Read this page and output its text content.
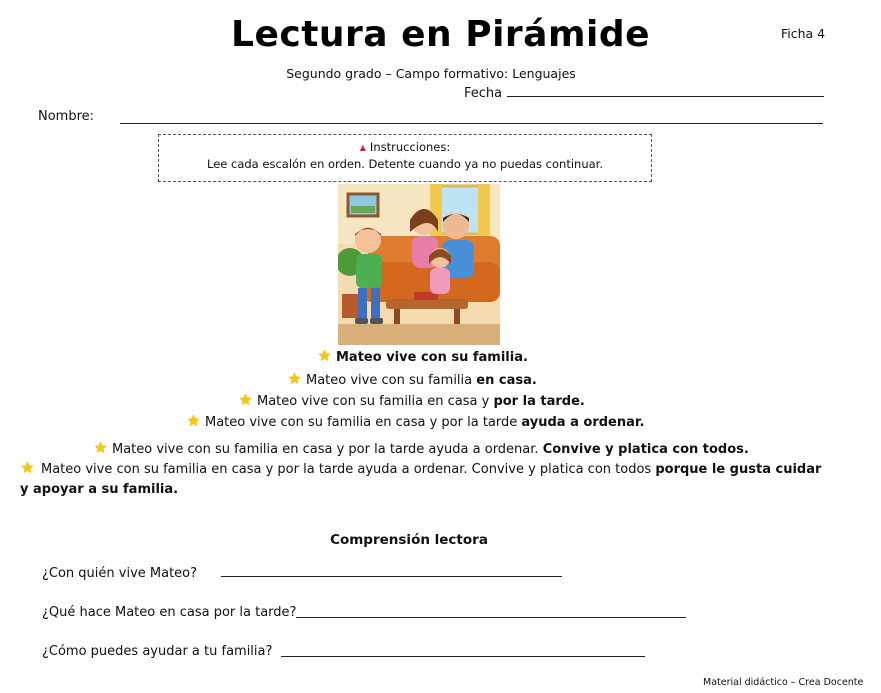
Lectura en Pirámide	Ficha 4
Segundo grado – Campo formativo: Lenguajes
Fecha
Nombre:
▲ Instrucciones:
Lee cada escalón en orden. Detente cuando ya no puedas continuar.
Mateo vive con su familia.
Mateo vive con su familia en casa.
Mateo vive con su familia en casa y por la tarde.
Mateo vive con su familia en casa y por la tarde ayuda a ordenar.
Mateo vive con su familia en casa y por la tarde ayuda a ordenar. Convive y platica con todos.
Mateo vive con su familia en casa y por la tarde ayuda a ordenar. Convive y platica con todos porque le gusta cuidar y apoyar a su familia.
Comprensión lectora
¿Con quién vive Mateo?
¿Qué hace Mateo en casa por la tarde?
¿Cómo puedes ayudar a tu familia?
Material didáctico – Crea Docente
